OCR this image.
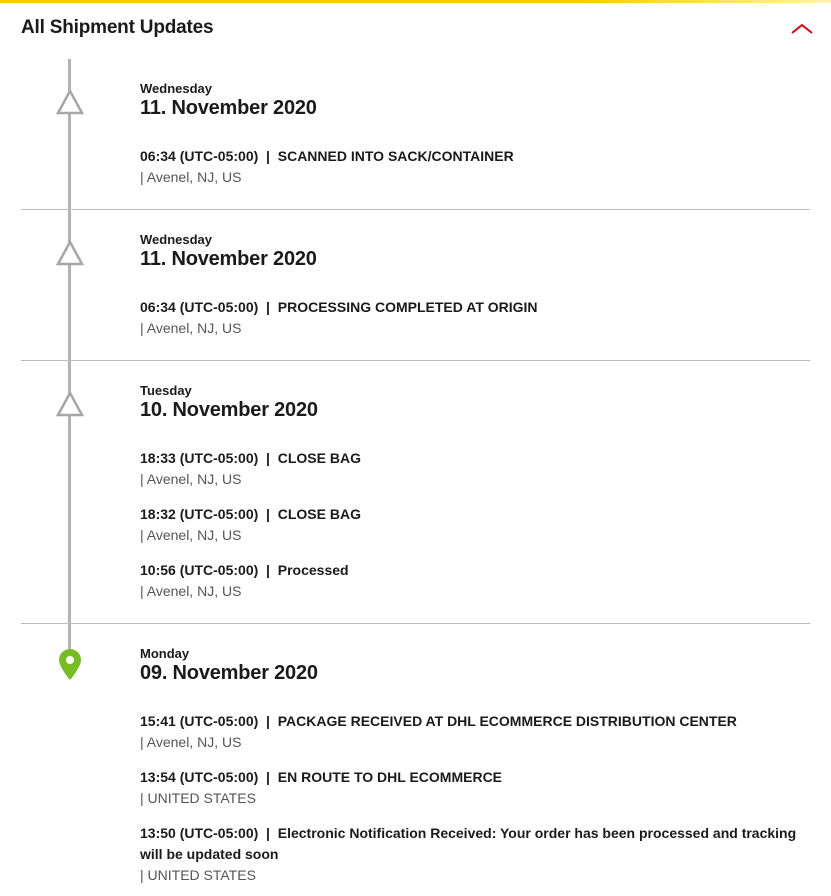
All Shipment Updates
Wednesday
11. November 2020
06:34 (UTC-05:00) | SCANNED INTO SACK/CONTAINER
| Avenel, NJ, US
Wednesday
11. November 2020
06:34 (UTC-05:00) | PROCESSING COMPLETED AT ORIGIN
| Avenel, NJ, US
Tuesday
10. November 2020
18:33 (UTC-05:00) | CLOSE BAG
| Avenel, NJ, US
18:32 (UTC-05:00) | CLOSE BAG
| Avenel, NJ, US
10:56 (UTC-05:00) | Processed
| Avenel, NJ, US
Monday
09. November 2020
15:41 (UTC-05:00) | PACKAGE RECEIVED AT DHL ECOMMERCE DISTRIBUTION CENTER
| Avenel, NJ, US
13:54 (UTC-05:00) | EN ROUTE TO DHL ECOMMERCE
| UNITED STATES
13:50 (UTC-05:00) | Electronic Notification Received: Your order has been processed and tracking will be updated soon
| UNITED STATES
